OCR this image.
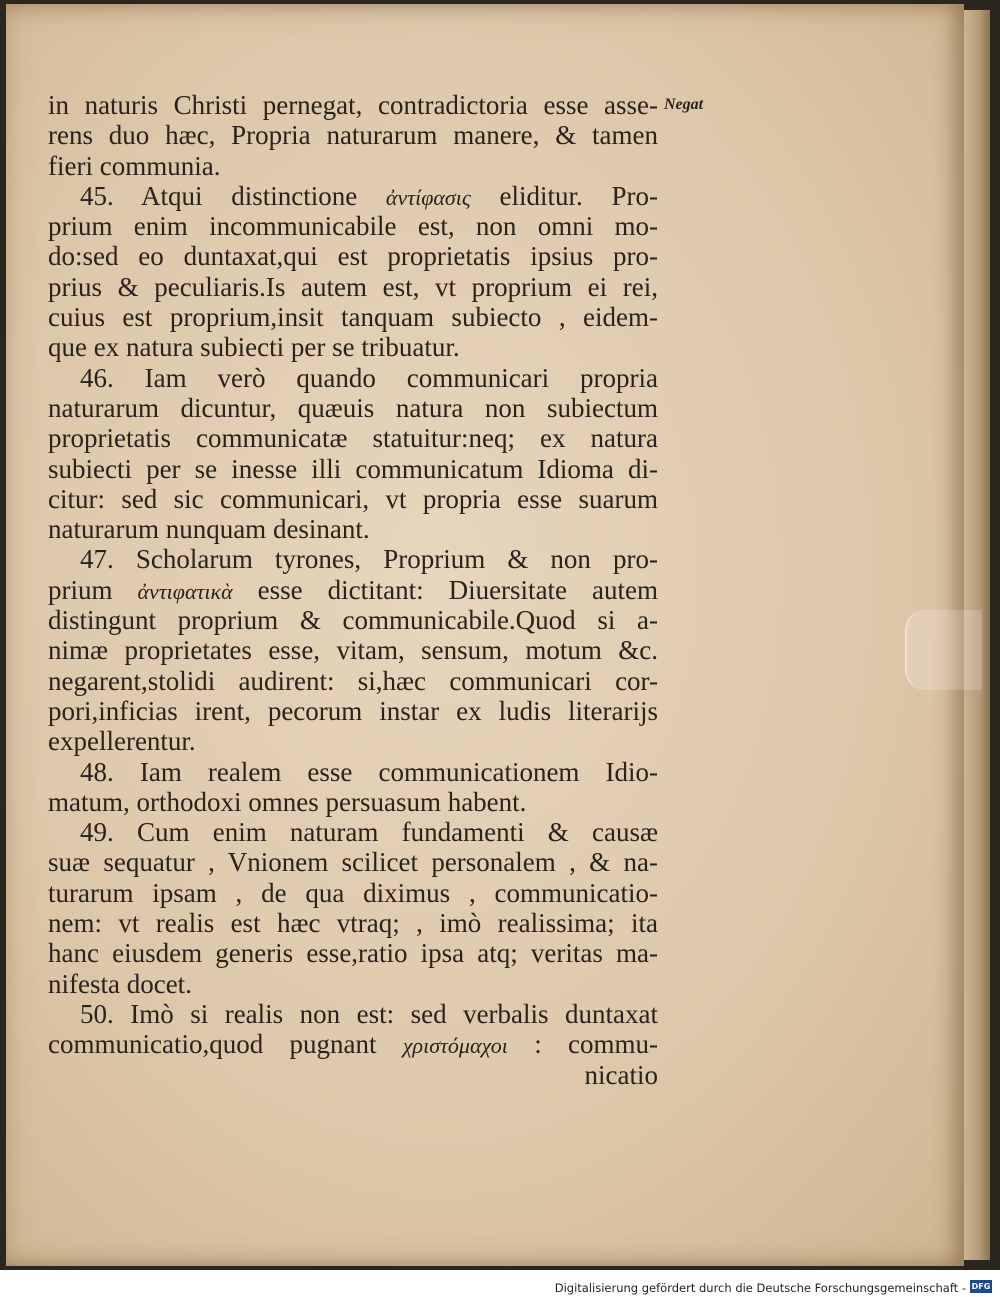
Negat
in naturis Christi pernegat, contradictoria esse asse-
rens duo hæc, Propria naturarum manere, & tamen
fieri communia.
45. Atqui distinctione ἀντίφασις eliditur. Pro-
prium enim incommunicabile est, non omni mo-
do:sed eo duntaxat,qui est proprietatis ipsius pro-
prius & peculiaris.Is autem est, vt proprium ei rei,
cuius est proprium,insit tanquam subiecto , eidem-
que ex natura subiecti per se tribuatur.
46. Iam verò quando communicari propria
naturarum dicuntur, quæuis natura non subiectum
proprietatis communicatæ statuitur:neq; ex natura
subiecti per se inesse illi communicatum Idioma di-
citur: sed sic communicari, vt propria esse suarum
naturarum nunquam desinant.
47. Scholarum tyrones, Proprium & non pro-
prium ἀντιφατικὰ esse dictitant: Diuersitate autem
distingunt proprium & communicabile.Quod si a-
nimæ proprietates esse, vitam, sensum, motum &c.
negarent,stolidi audirent: si,hæc communicari cor-
pori,inficias irent, pecorum instar ex ludis literarijs
expellerentur.
48. Iam realem esse communicationem Idio-
matum, orthodoxi omnes persuasum habent.
49. Cum enim naturam fundamenti & causæ
suæ sequatur , Vnionem scilicet personalem , & na-
turarum ipsam , de qua diximus , communicatio-
nem: vt realis est hæc vtraq; , imò realissima; ita
hanc eiusdem generis esse,ratio ipsa atq; veritas ma-
nifesta docet.
50. Imò si realis non est: sed verbalis duntaxat
communicatio,quod pugnant χριστόμαχοι : commu-
nicatio
Digitalisierung gefördert durch die Deutsche Forschungsgemeinschaft - DFG
